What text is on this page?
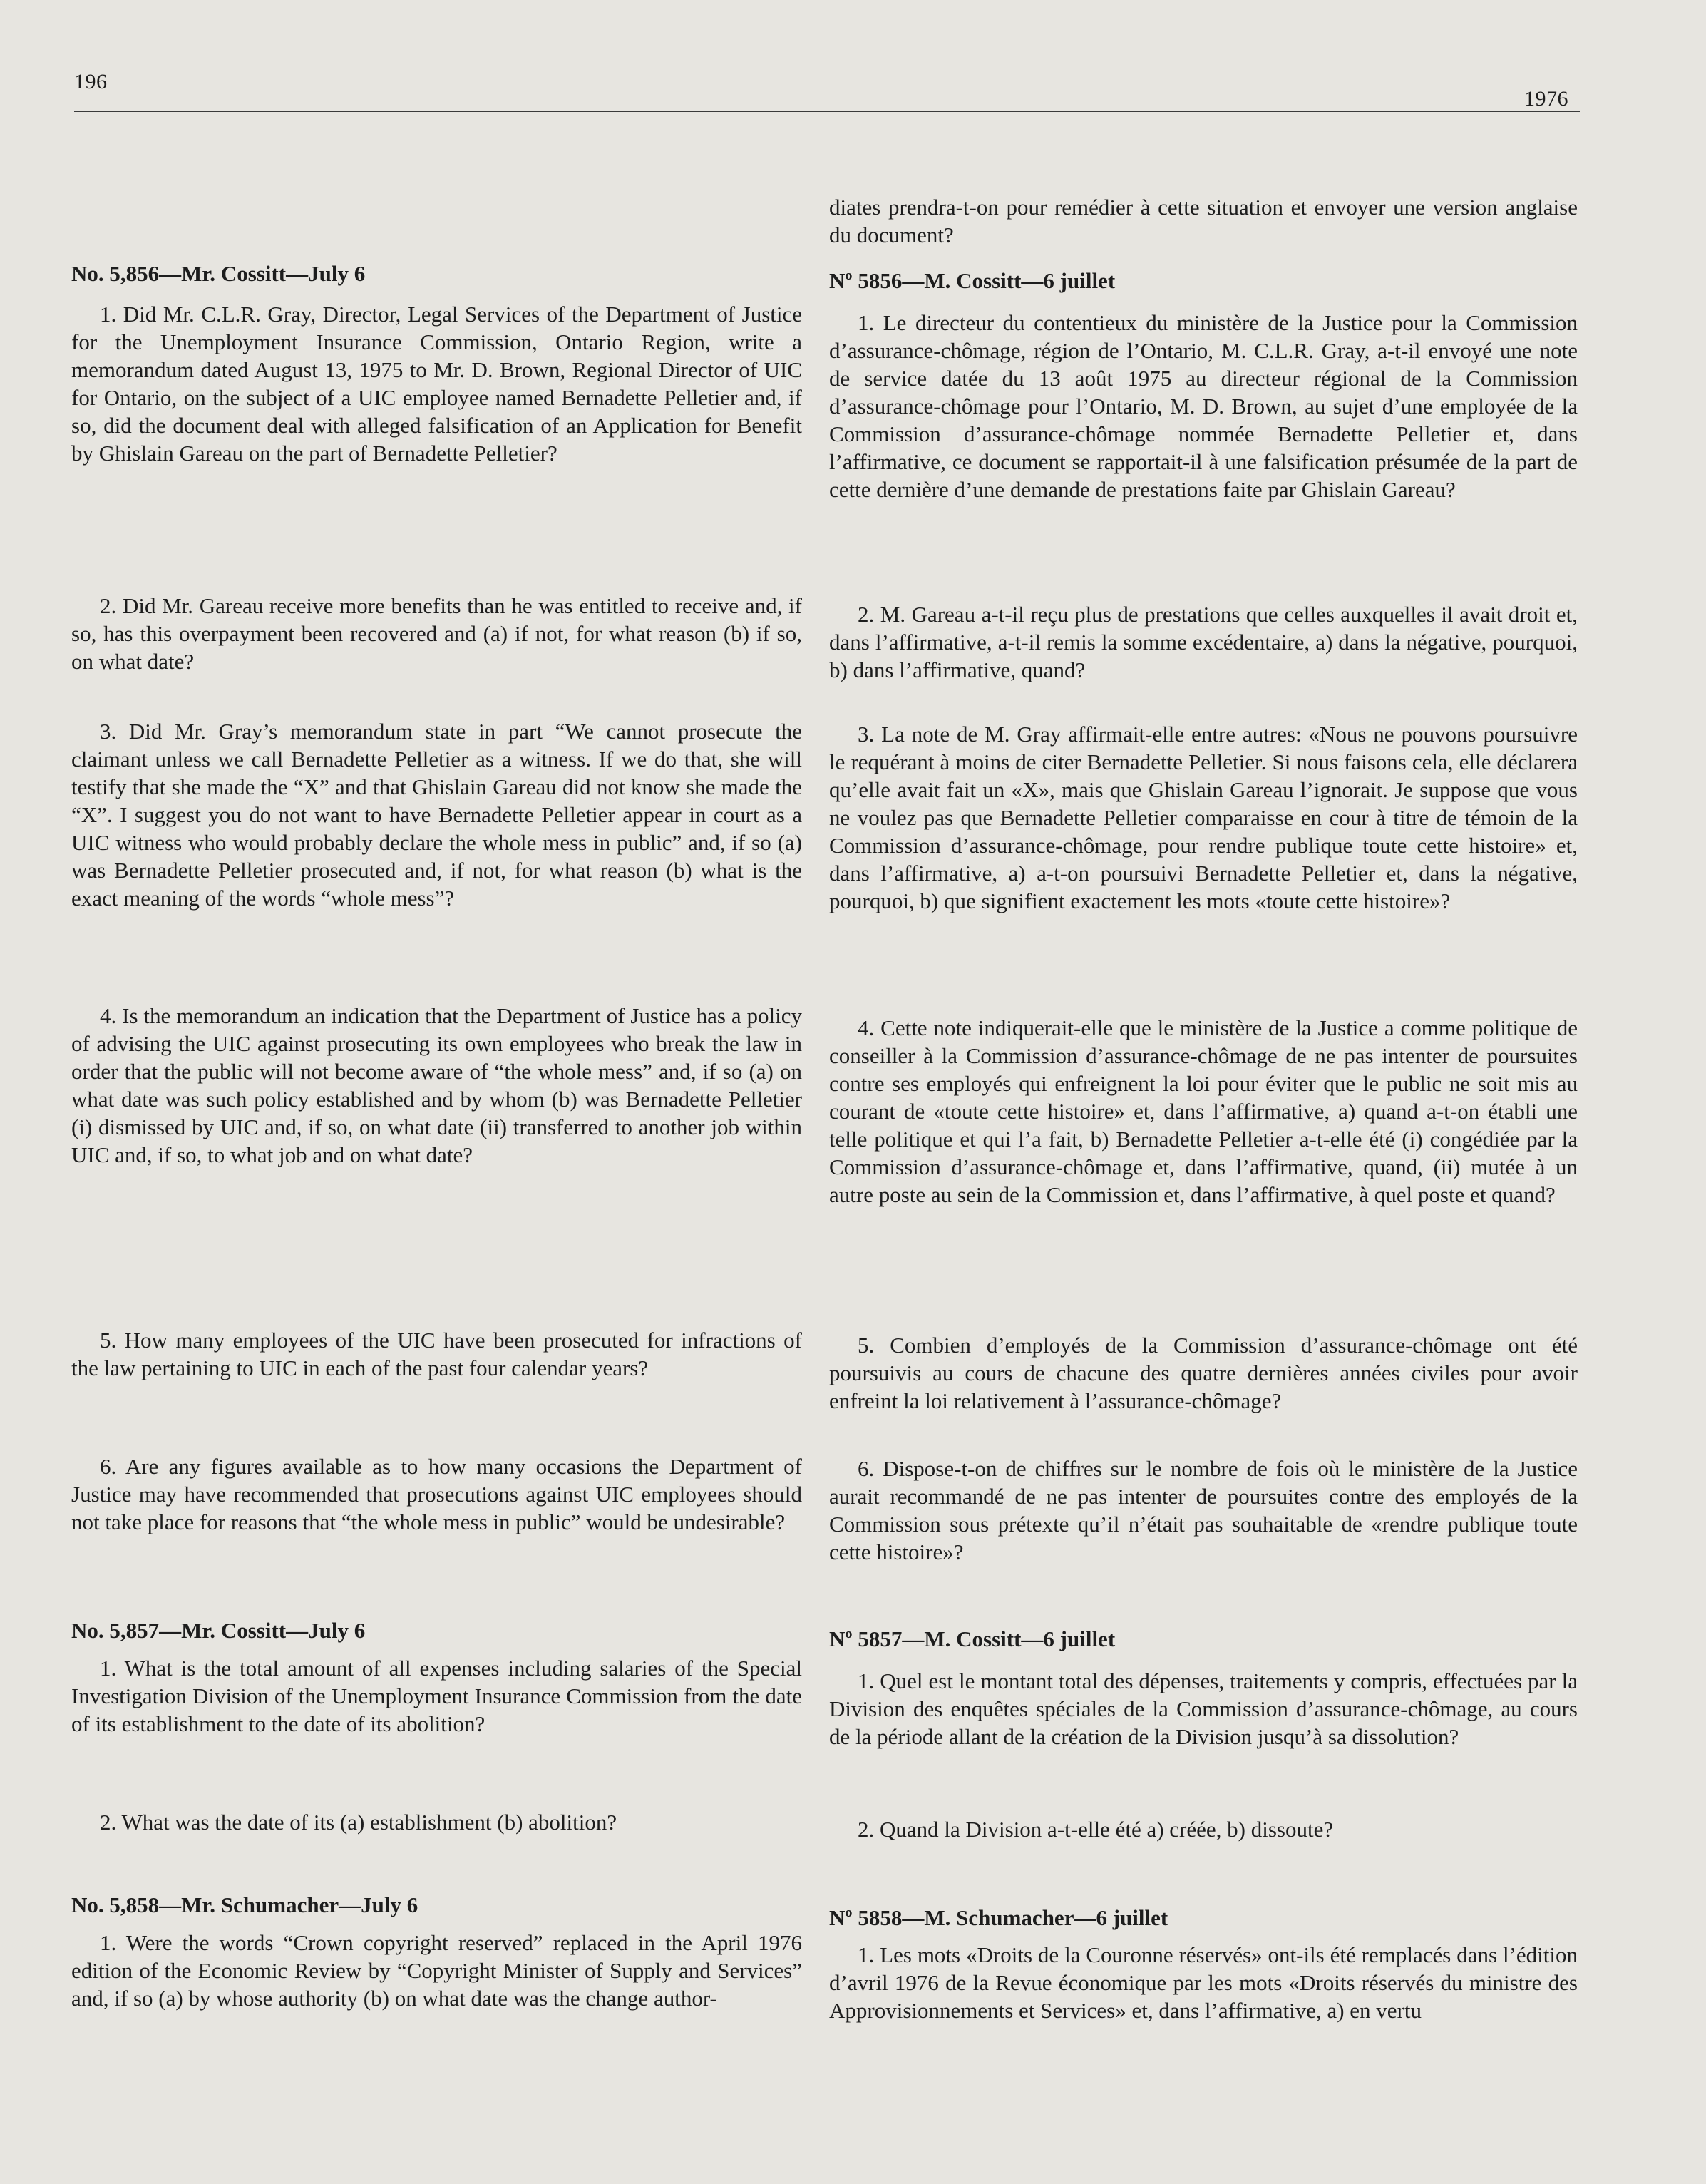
196
1976

No. 5,856—Mr. Cossitt—July 6

1. Did Mr. C.L.R. Gray, Director, Legal Services of the Department of Justice for the Unemployment Insurance Commission, Ontario Region, write a memorandum dated August 13, 1975 to Mr. D. Brown, Regional Director of UIC for Ontario, on the subject of a UIC employee named Bernadette Pelletier and, if so, did the document deal with alleged falsification of an Application for Benefit by Ghislain Gareau on the part of Bernadette Pelletier?

2. Did Mr. Gareau receive more benefits than he was entitled to receive and, if so, has this overpayment been recovered and (a) if not, for what reason (b) if so, on what date?

3. Did Mr. Gray’s memorandum state in part “We cannot prosecute the claimant unless we call Bernadette Pelletier as a witness. If we do that, she will testify that she made the “X” and that Ghislain Gareau did not know she made the “X”. I suggest you do not want to have Bernadette Pelletier appear in court as a UIC witness who would probably declare the whole mess in public” and, if so (a) was Bernadette Pelletier prosecuted and, if not, for what reason (b) what is the exact meaning of the words “whole mess”?

4. Is the memorandum an indication that the Department of Justice has a policy of advising the UIC against prosecuting its own employees who break the law in order that the public will not become aware of “the whole mess” and, if so (a) on what date was such policy established and by whom (b) was Bernadette Pelletier (i) dismissed by UIC and, if so, on what date (ii) transferred to another job within UIC and, if so, to what job and on what date?

5. How many employees of the UIC have been prosecuted for infractions of the law pertaining to UIC in each of the past four calendar years?

6. Are any figures available as to how many occasions the Department of Justice may have recommended that prosecutions against UIC employees should not take place for reasons that “the whole mess in public” would be undesirable?

No. 5,857—Mr. Cossitt—July 6

1. What is the total amount of all expenses including salaries of the Special Investigation Division of the Unemployment Insurance Commission from the date of its establishment to the date of its abolition?

2. What was the date of its (a) establishment (b) abolition?

No. 5,858—Mr. Schumacher—July 6

1. Were the words “Crown copyright reserved” replaced in the April 1976 edition of the Economic Review by “Copyright Minister of Supply and Services” and, if so (a) by whose authority (b) on what date was the change author-

diates prendra-t-on pour remédier à cette situation et envoyer une version anglaise du document?

Nº 5856—M. Cossitt—6 juillet

1. Le directeur du contentieux du ministère de la Justice pour la Commission d’assurance-chômage, région de l’Ontario, M. C.L.R. Gray, a-t-il envoyé une note de service datée du 13 août 1975 au directeur régional de la Commission d’assurance-chômage pour l’Ontario, M. D. Brown, au sujet d’une employée de la Commission d’assurance-chômage nommée Bernadette Pelletier et, dans l’affirmative, ce document se rapportait-il à une falsification présumée de la part de cette dernière d’une demande de prestations faite par Ghislain Gareau?

2. M. Gareau a-t-il reçu plus de prestations que celles auxquelles il avait droit et, dans l’affirmative, a-t-il remis la somme excédentaire, a) dans la négative, pourquoi, b) dans l’affirmative, quand?

3. La note de M. Gray affirmait-elle entre autres: «Nous ne pouvons poursuivre le requérant à moins de citer Bernadette Pelletier. Si nous faisons cela, elle déclarera qu’elle avait fait un «X», mais que Ghislain Gareau l’ignorait. Je suppose que vous ne voulez pas que Bernadette Pelletier comparaisse en cour à titre de témoin de la Commission d’assurance-chômage, pour rendre publique toute cette histoire» et, dans l’affirmative, a) a-t-on poursuivi Bernadette Pelletier et, dans la négative, pourquoi, b) que signifient exactement les mots «toute cette histoire»?

4. Cette note indiquerait-elle que le ministère de la Justice a comme politique de conseiller à la Commission d’assurance-chômage de ne pas intenter de poursuites contre ses employés qui enfreignent la loi pour éviter que le public ne soit mis au courant de «toute cette histoire» et, dans l’affirmative, a) quand a-t-on établi une telle politique et qui l’a fait, b) Bernadette Pelletier a-t-elle été (i) congédiée par la Commission d’assurance-chômage et, dans l’affirmative, quand, (ii) mutée à un autre poste au sein de la Commission et, dans l’affirmative, à quel poste et quand?

5. Combien d’employés de la Commission d’assurance-chômage ont été poursuivis au cours de chacune des quatre dernières années civiles pour avoir enfreint la loi relativement à l’assurance-chômage?

6. Dispose-t-on de chiffres sur le nombre de fois où le ministère de la Justice aurait recommandé de ne pas intenter de poursuites contre des employés de la Commission sous prétexte qu’il n’était pas souhaitable de «rendre publique toute cette histoire»?

Nº 5857—M. Cossitt—6 juillet

1. Quel est le montant total des dépenses, traitements y compris, effectuées par la Division des enquêtes spéciales de la Commission d’assurance-chômage, au cours de la période allant de la création de la Division jusqu’à sa dissolution?

2. Quand la Division a-t-elle été a) créée, b) dissoute?

Nº 5858—M. Schumacher—6 juillet

1. Les mots «Droits de la Couronne réservés» ont-ils été remplacés dans l’édition d’avril 1976 de la Revue économique par les mots «Droits réservés du ministre des Approvisionnements et Services» et, dans l’affirmative, a) en vertu
